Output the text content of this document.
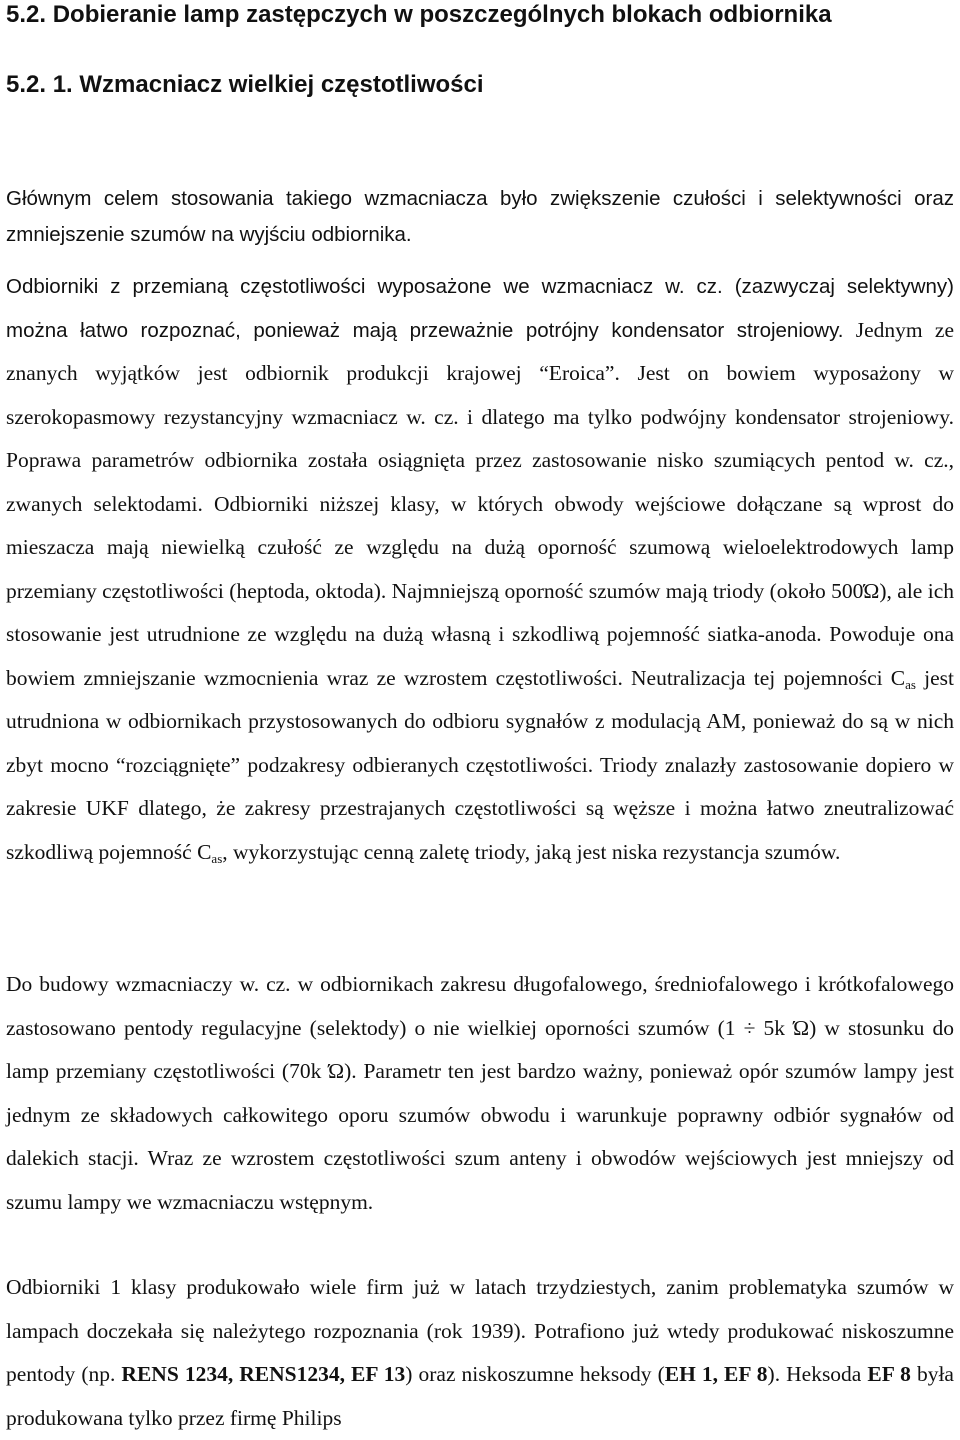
5.2. Dobieranie lamp zastępczych w poszczególnych blokach odbiornika
5.2. 1. Wzmacniacz wielkiej częstotliwości

Głównym celem stosowania takiego wzmacniacza było zwiększenie czułości i selektywności oraz zmniejszenie szumów na wyjściu odbiornika.

Odbiorniki z przemianą częstotliwości wyposażone we wzmacniacz w. cz. (zazwyczaj selektywny) można łatwo rozpoznać, ponieważ mają przeważnie potrójny kondensator strojeniowy. Jednym ze znanych wyjątków jest odbiornik produkcji krajowej “Eroica”. Jest on bowiem wyposażony w szerokopasmowy rezystancyjny wzmacniacz w. cz. i dlatego ma tylko podwójny kondensator strojeniowy. Poprawa parametrów odbiornika została osiągnięta przez zastosowanie nisko szumiących pentod w. cz., zwanych selektodami. Odbiorniki niższej klasy, w których obwody wejściowe dołączane są wprost do mieszacza mają niewielką czułość ze względu na dużą oporność szumową wieloelektrodowych lamp przemiany częstotliwości (heptoda, oktoda). Najmniejszą oporność szumów mają triody (około 500Ώ), ale ich stosowanie jest utrudnione ze względu na dużą własną i szkodliwą pojemność siatka-anoda. Powoduje ona bowiem zmniejszanie wzmocnienia wraz ze wzrostem częstotliwości. Neutralizacja tej pojemności $C_{as}$ jest utrudniona w odbiornikach przystosowanych do odbioru sygnałów z modulacją AM, ponieważ do są w nich zbyt mocno “rozciągnięte” podzakresy odbieranych częstotliwości. Triody znalazły zastosowanie dopiero w zakresie UKF dlatego, że zakresy przestrajanych częstotliwości są węższe i można łatwo zneutralizować szkodliwą pojemność $C_{as}$, wykorzystując cenną zaletę triody, jaką jest niska rezystancja szumów.

Do budowy wzmacniaczy w. cz. w odbiornikach zakresu długofalowego, średniofalowego i krótkofalowego zastosowano pentody regulacyjne (selektody) o nie wielkiej oporności szumów (1 ÷ 5k Ώ) w stosunku do lamp przemiany częstotliwości (70k Ώ). Parametr ten jest bardzo ważny, ponieważ opór szumów lampy jest jednym ze składowych całkowitego oporu szumów obwodu i warunkuje poprawny odbiór sygnałów od dalekich stacji. Wraz ze wzrostem częstotliwości szum anteny i obwodów wejściowych jest mniejszy od szumu lampy we wzmacniaczu wstępnym.

Odbiorniki 1 klasy produkowało wiele firm już w latach trzydziestych, zanim problematyka szumów w lampach doczekała się należytego rozpoznania (rok 1939). Potrafiono już wtedy produkować niskoszumne pentody (np. RENS 1234, RENS1234, EF 13) oraz niskoszumne heksody (EH 1, EF 8). Heksoda EF 8 była produkowana tylko przez firmę Philips
